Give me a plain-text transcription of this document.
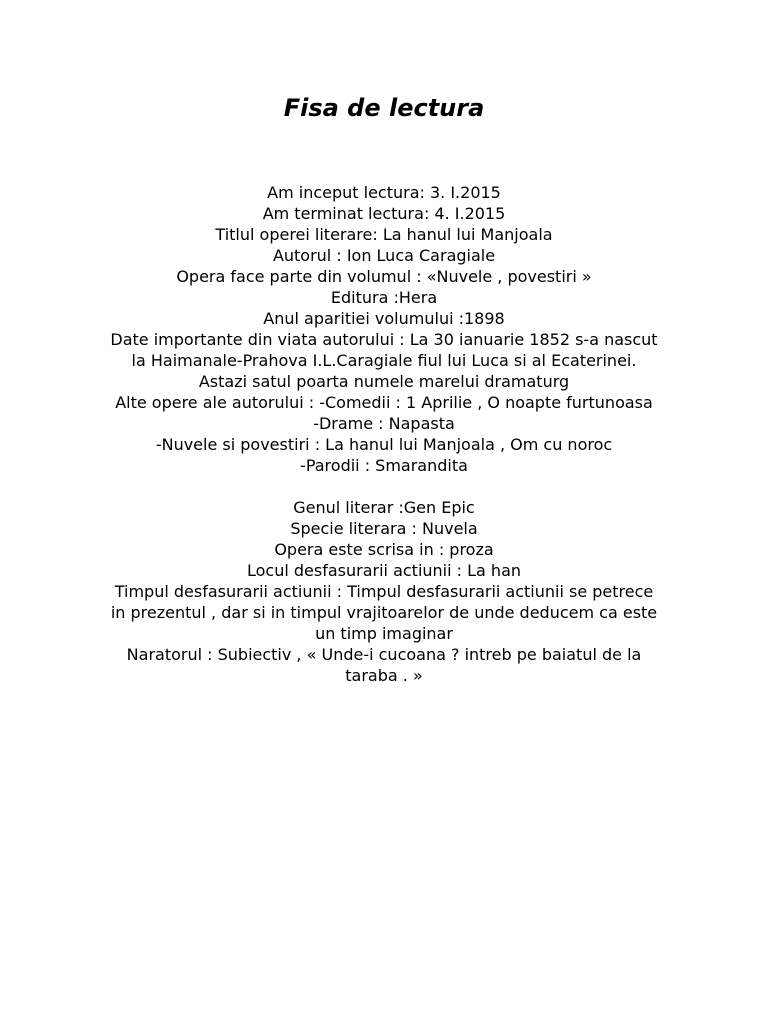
Fisa de lectura

Am inceput lectura: 3. I.2015

Am terminat lectura: 4. I.2015

Titlul operei literare: La hanul lui Manjoala

Autorul : Ion Luca Caragiale

Opera face parte din volumul : «Nuvele , povestiri »

Editura :Hera

Anul aparitiei volumului :1898

Date importante din viata autorului : La 30 ianuarie 1852 s-a nascut la Haimanale-Prahova I.L.Caragiale fiul lui Luca si al Ecaterinei. Astazi satul poarta numele marelui dramaturg

Alte opere ale autorului : -Comedii : 1 Aprilie , O noapte furtunoasa

-Drame : Napasta

-Nuvele si povestiri : La hanul lui Manjoala , Om cu noroc

-Parodii : Smarandita

Genul literar :Gen Epic

Specie literara : Nuvela

Opera este scrisa in : proza

Locul desfasurarii actiunii : La han

Timpul desfasurarii actiunii : Timpul desfasurarii actiunii se petrece in prezentul , dar si in timpul vrajitoarelor de unde deducem ca este un timp imaginar

Naratorul : Subiectiv , « Unde-i cucoana ? intreb pe baiatul de la taraba . »
